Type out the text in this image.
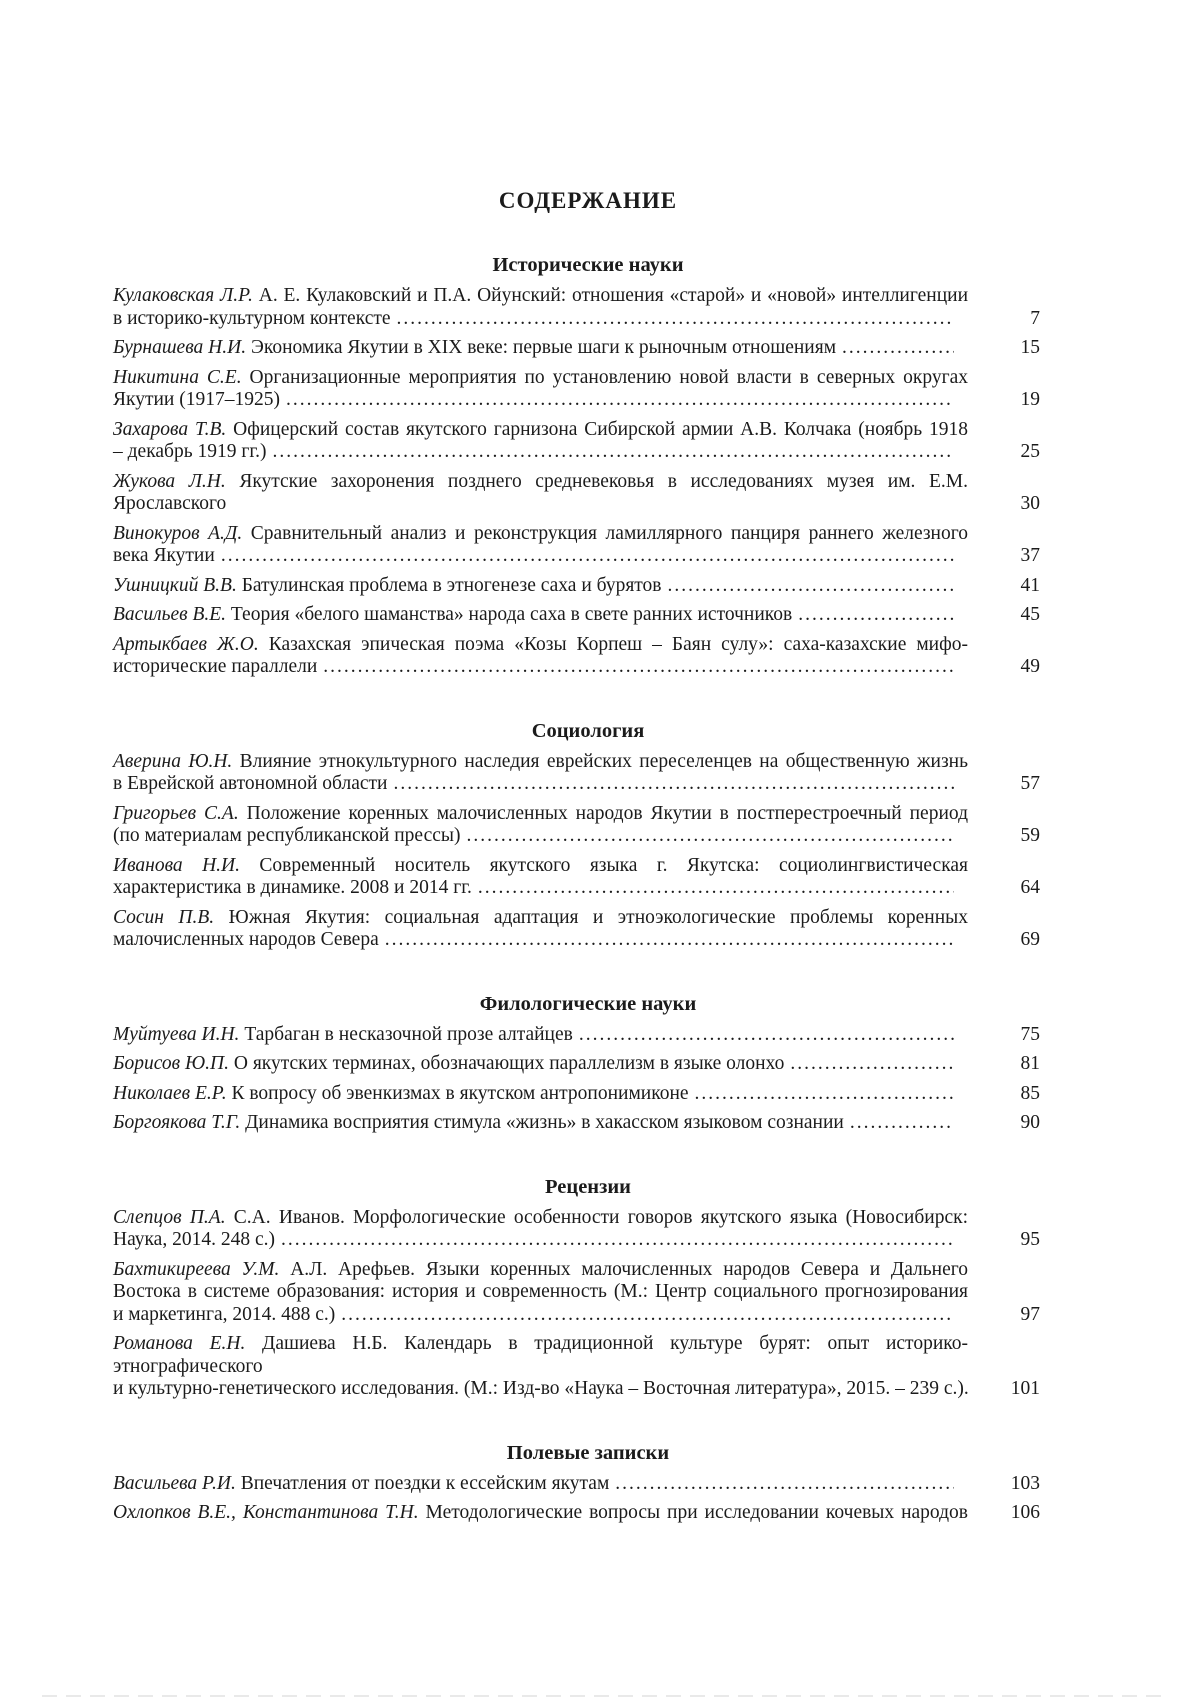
СОДЕРЖАНИЕ
Исторические науки
Кулаковская Л.Р. А. Е. Кулаковский и П.А. Ойунский: отношения «старой» и «новой» интеллигенции
в историко-культурном контексте .....	7
Бурнашева Н.И. Экономика Якутии в XIX веке: первые шаги к рыночным отношениям .....	15
Никитина С.Е. Организационные мероприятия по установлению новой власти в северных округах
Якутии (1917–1925) .....	19
Захарова Т.В. Офицерский состав якутского гарнизона Сибирской армии А.В. Колчака (ноябрь 1918
– декабрь 1919 гг.) .....	25
Жукова Л.Н. Якутские захоронения позднего средневековья в исследованиях музея им. Е.М. Ярославского	30
Винокуров А.Д. Сравнительный анализ и реконструкция ламиллярного панциря раннего железного
века Якутии .....	37
Ушницкий В.В. Батулинская проблема в этногенезе саха и бурятов .....	41
Васильев В.Е. Теория «белого шаманства» народа саха в свете ранних источников .....	45
Артыкбаев Ж.О. Казахская эпическая поэма «Козы Корпеш – Баян сулу»: саха-казахские мифо-
исторические параллели .....	49
Социология
Аверина Ю.Н. Влияние этнокультурного наследия еврейских переселенцев на общественную жизнь
в Еврейской автономной области .....	57
Григорьев С.А. Положение коренных малочисленных народов Якутии в постперестроечный период
(по материалам республиканской прессы) .....	59
Иванова Н.И. Современный носитель якутского языка г. Якутска: социолингвистическая
характеристика в динамике. 2008 и 2014 гг. .....	64
Сосин П.В. Южная Якутия: социальная адаптация и этноэкологические проблемы коренных
малочисленных народов Севера .....	69
Филологические науки
Муйтуева И.Н. Тарбаган в несказочной прозе алтайцев .....	75
Борисов Ю.П. О якутских терминах, обозначающих параллелизм в языке олонхо .....	81
Николаев Е.Р. К вопросу об эвенкизмах в якутском антропонимиконе .....	85
Боргоякова Т.Г. Динамика восприятия стимула «жизнь» в хакасском языковом сознании .....	90
Рецензии
Слепцов П.А. С.А. Иванов. Морфологические особенности говоров якутского языка (Новосибирск:
Наука, 2014. 248 с.) .....	95
Бахтикиреева У.М. А.Л. Арефьев. Языки коренных малочисленных народов Севера и Дальнего
Востока в системе образования: история и современность (М.: Центр социального прогнозирования
и маркетинга, 2014. 488 с.) .....	97
Романова Е.Н. Дашиева Н.Б. Календарь в традиционной культуре бурят: опыт историко-этнографического
и культурно-генетического исследования. (М.: Изд-во «Наука – Восточная литература», 2015. – 239 с.). .....	101
Полевые записки
Васильева Р.И. Впечатления от поездки к ессейским якутам .....	103
Охлопков В.Е., Константинова Т.Н. Методологические вопросы при исследовании кочевых народов	106
